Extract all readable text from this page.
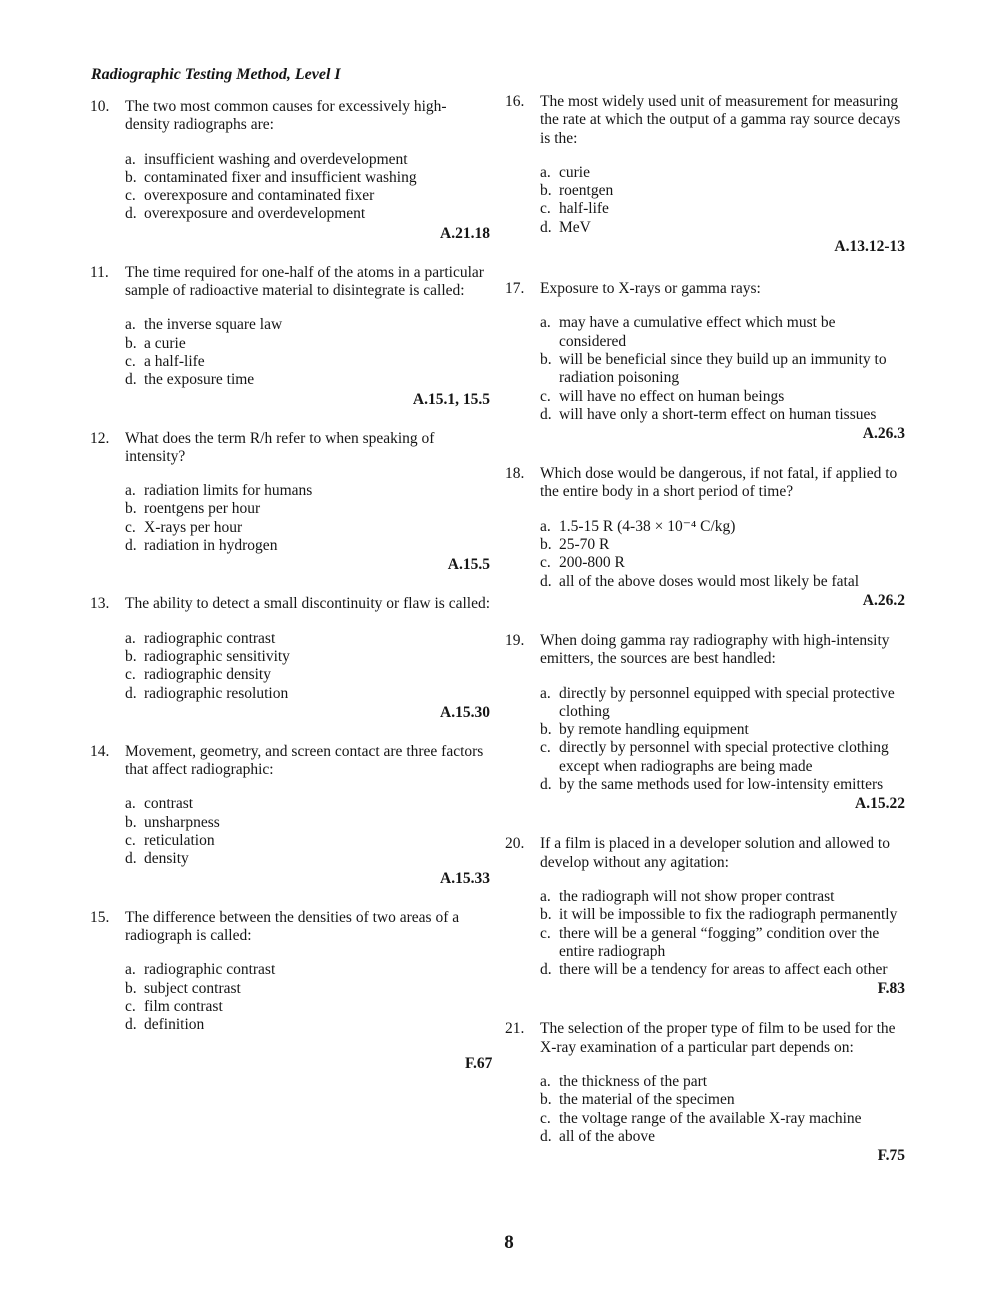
Radiographic Testing Method, Level I
10.	The two most common causes for excessively high-density radiographs are:
a. insufficient washing and overdevelopment
b. contaminated fixer and insufficient washing
c. overexposure and contaminated fixer
d. overexposure and overdevelopment
A.21.18
11.	The time required for one-half of the atoms in a particular sample of radioactive material to disintegrate is called:
a. the inverse square law
b. a curie
c. a half-life
d. the exposure time
A.15.1, 15.5
12.	What does the term R/h refer to when speaking of intensity?
a. radiation limits for humans
b. roentgens per hour
c. X-rays per hour
d. radiation in hydrogen
A.15.5
13.	The ability to detect a small discontinuity or flaw is called:
a. radiographic contrast
b. radiographic sensitivity
c. radiographic density
d. radiographic resolution
A.15.30
14.	Movement, geometry, and screen contact are three factors that affect radiographic:
a. contrast
b. unsharpness
c. reticulation
d. density
A.15.33
15.	The difference between the densities of two areas of a radiograph is called:
a. radiographic contrast
b. subject contrast
c. film contrast
d. definition
16.	The most widely used unit of measurement for measuring the rate at which the output of a gamma ray source decays is the:
a. curie
b. roentgen
c. half-life
d. MeV
A.13.12-13
17.	Exposure to X-rays or gamma rays:
a. may have a cumulative effect which must be considered
b. will be beneficial since they build up an immunity to radiation poisoning
c. will have no effect on human beings
d. will have only a short-term effect on human tissues
A.26.3
18.	Which dose would be dangerous, if not fatal, if applied to the entire body in a short period of time?
a. 1.5-15 R (4-38 × 10⁻⁴ C/kg)
b. 25-70 R
c. 200-800 R
d. all of the above doses would most likely be fatal
A.26.2
19.	When doing gamma ray radiography with high-intensity emitters, the sources are best handled:
a. directly by personnel equipped with special protective clothing
b. by remote handling equipment
c. directly by personnel with special protective clothing except when radiographs are being made
d. by the same methods used for low-intensity emitters
A.15.22
20.	If a film is placed in a developer solution and allowed to develop without any agitation:
a. the radiograph will not show proper contrast
b. it will be impossible to fix the radiograph permanently
c. there will be a general “fogging” condition over the entire radiograph
d. there will be a tendency for areas to affect each other
F.83
21.	The selection of the proper type of film to be used for the X-ray examination of a particular part depends on:
a. the thickness of the part
b. the material of the specimen
c. the voltage range of the available X-ray machine
d. all of the above
F.75
8
F.67
